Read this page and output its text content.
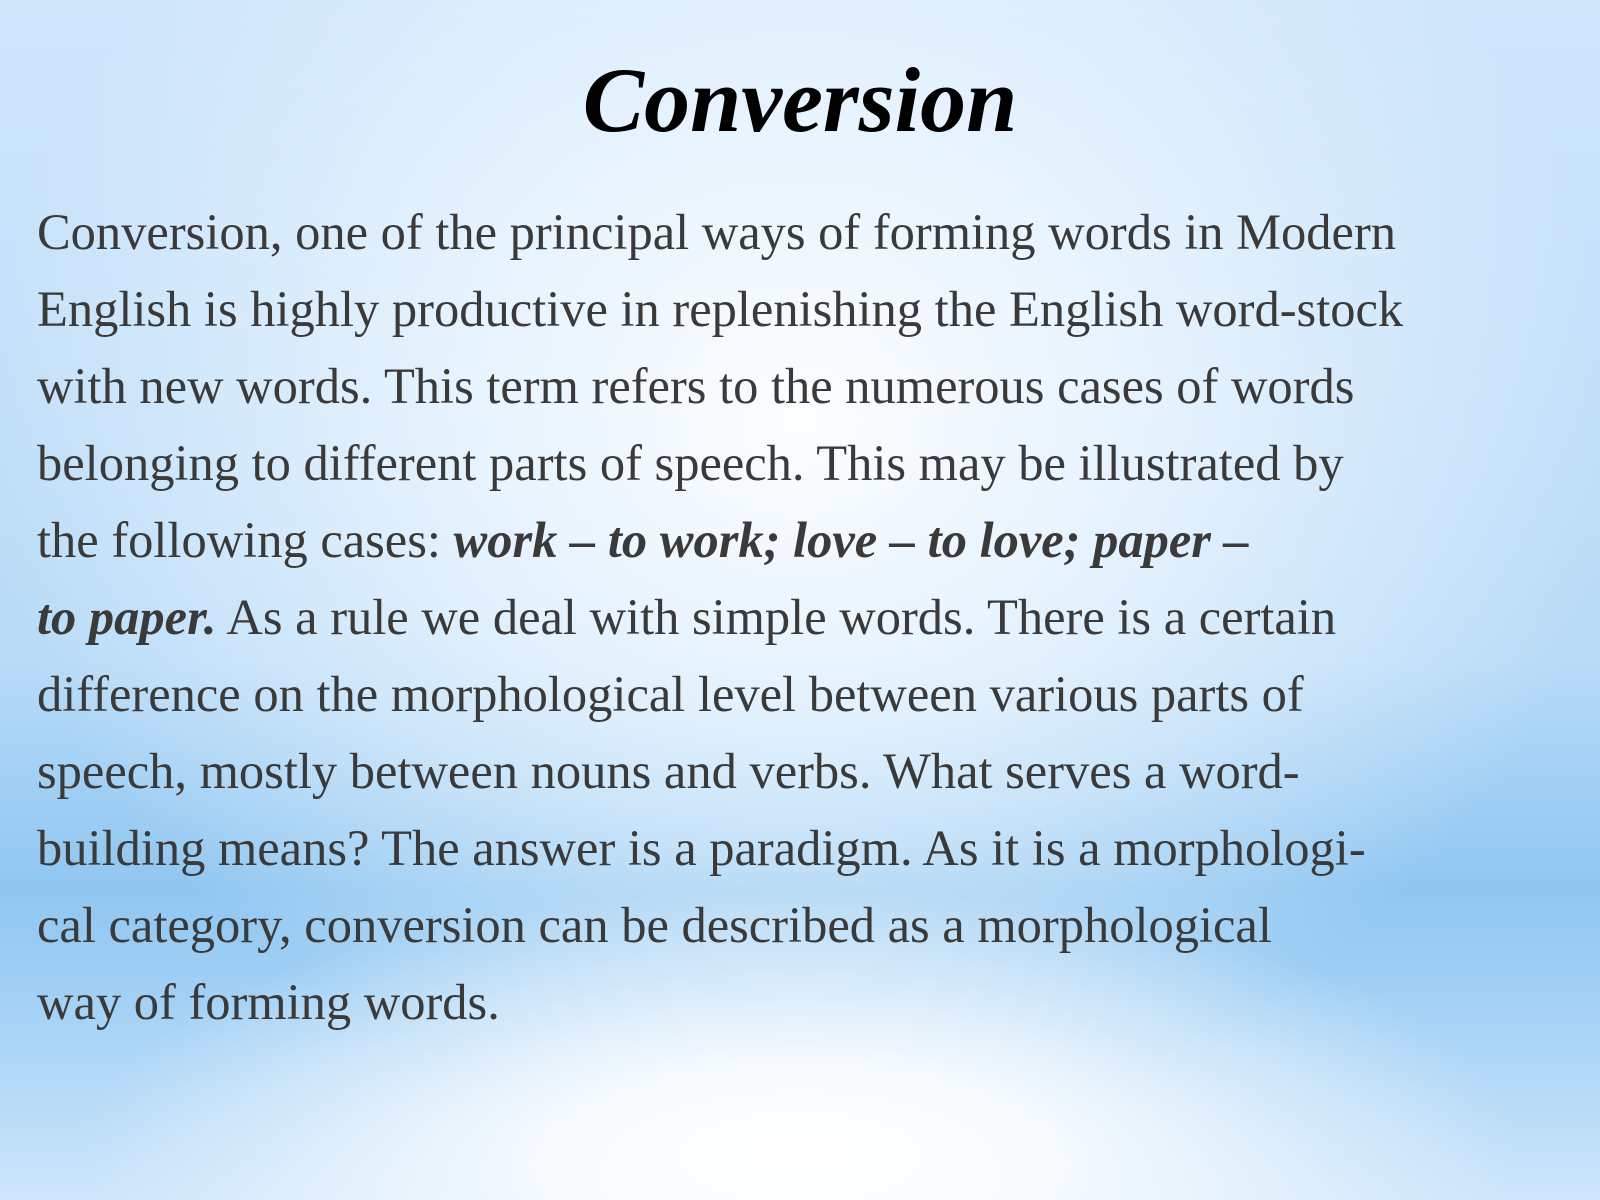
Conversion
Conversion, one of the principal ways of forming words in Modern
English is highly productive in replenishing the English word-stock
with new words. This term refers to the numerous cases of words
belonging to different parts of speech. This may be illustrated by
the following cases: work – to work; love – to love; paper –
to paper. As a rule we deal with simple words. There is a certain
difference on the morphological level between various parts of
speech, mostly between nouns and verbs. What serves a word-
building means? The answer is a paradigm. As it is a morphologi-
cal category, conversion can be described as a morphological
way of forming words.
